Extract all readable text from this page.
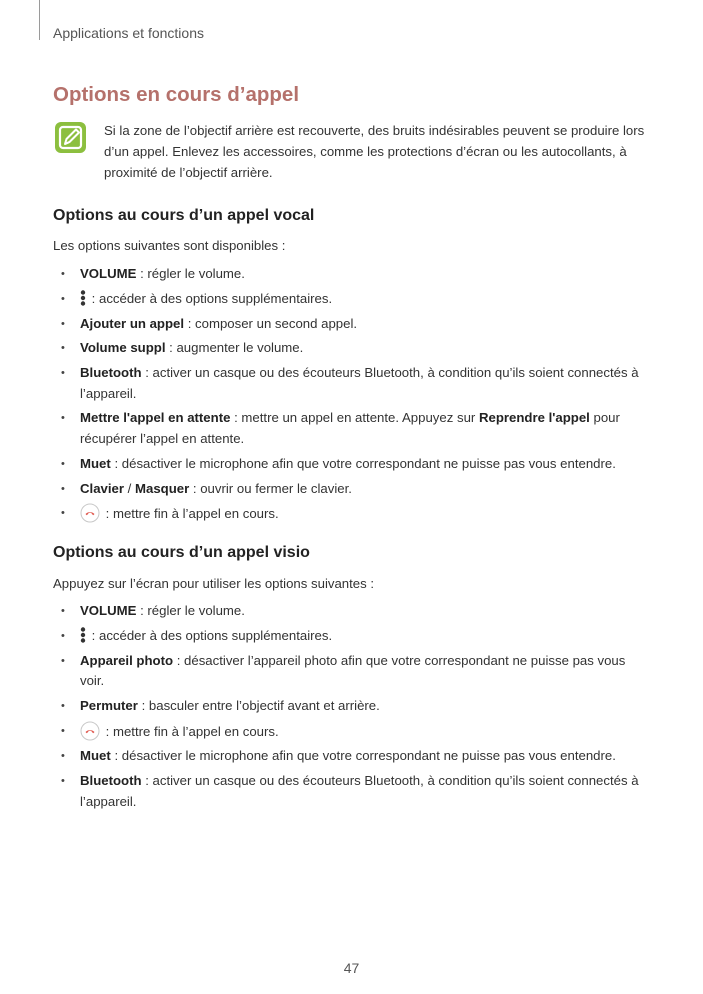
Applications et fonctions
Options en cours d’appel
Si la zone de l’objectif arrière est recouverte, des bruits indésirables peuvent se produire lors d’un appel. Enlevez les accessoires, comme les protections d’écran ou les autocollants, à proximité de l’objectif arrière.
Options au cours d’un appel vocal
Les options suivantes sont disponibles :
• VOLUME : régler le volume.
• : accéder à des options supplémentaires.
• Ajouter un appel : composer un second appel.
• Volume suppl : augmenter le volume.
• Bluetooth : activer un casque ou des écouteurs Bluetooth, à condition qu’ils soient connectés à l’appareil.
• Mettre l'appel en attente : mettre un appel en attente. Appuyez sur Reprendre l'appel pour récupérer l’appel en attente.
• Muet : désactiver le microphone afin que votre correspondant ne puisse pas vous entendre.
• Clavier / Masquer : ouvrir ou fermer le clavier.
•	: mettre fin à l’appel en cours.
Options au cours d’un appel visio
Appuyez sur l’écran pour utiliser les options suivantes :
• VOLUME : régler le volume.
• : accéder à des options supplémentaires.
• Appareil photo : désactiver l’appareil photo afin que votre correspondant ne puisse pas vous voir.
• Permuter : basculer entre l’objectif avant et arrière.
•	: mettre fin à l’appel en cours.
• Muet : désactiver le microphone afin que votre correspondant ne puisse pas vous entendre.
• Bluetooth : activer un casque ou des écouteurs Bluetooth, à condition qu’ils soient connectés à l’appareil.
47
